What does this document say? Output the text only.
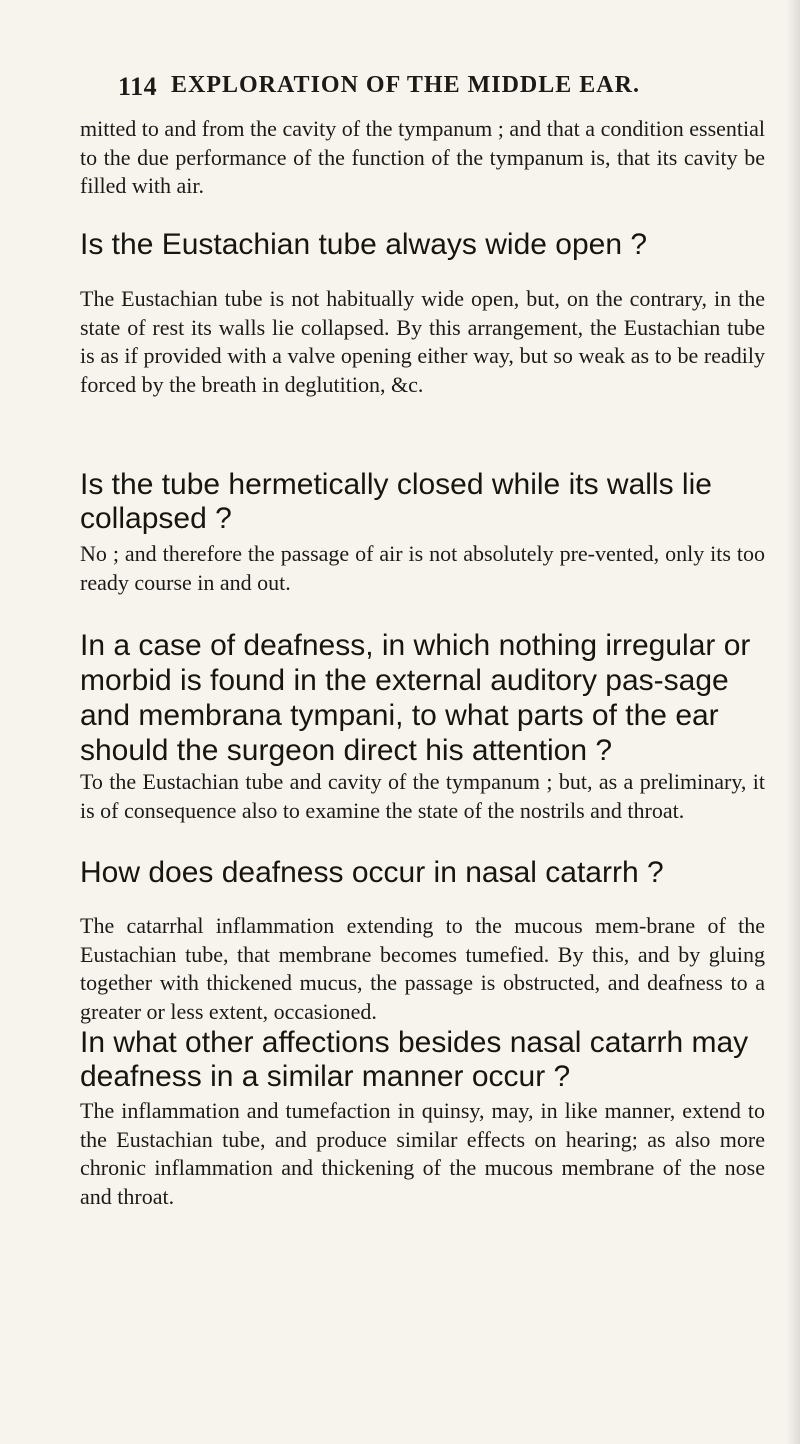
114 EXPLORATION OF THE MIDDLE EAR.
mitted to and from the cavity of the tympanum ; and that a condition essential to the due performance of the function of the tympanum is, that its cavity be filled with air.
Is the Eustachian tube always wide open ?
The Eustachian tube is not habitually wide open, but, on the contrary, in the state of rest its walls lie collapsed. By this arrangement, the Eustachian tube is as if provided with a valve opening either way, but so weak as to be readily forced by the breath in deglutition, &c.
Is the tube hermetically closed while its walls lie collapsed ?
No ; and therefore the passage of air is not absolutely pre-vented, only its too ready course in and out.
In a case of deafness, in which nothing irregular or morbid is found in the external auditory pas-sage and membrana tympani, to what parts of the ear should the surgeon direct his attention ?
To the Eustachian tube and cavity of the tympanum ; but, as a preliminary, it is of consequence also to examine the state of the nostrils and throat.
How does deafness occur in nasal catarrh ?
The catarrhal inflammation extending to the mucous mem-brane of the Eustachian tube, that membrane becomes tumefied. By this, and by gluing together with thickened mucus, the passage is obstructed, and deafness to a greater or less extent, occasioned.
In what other affections besides nasal catarrh may deafness in a similar manner occur ?
The inflammation and tumefaction in quinsy, may, in like manner, extend to the Eustachian tube, and produce similar effects on hearing; as also more chronic inflammation and thickening of the mucous membrane of the nose and throat.
